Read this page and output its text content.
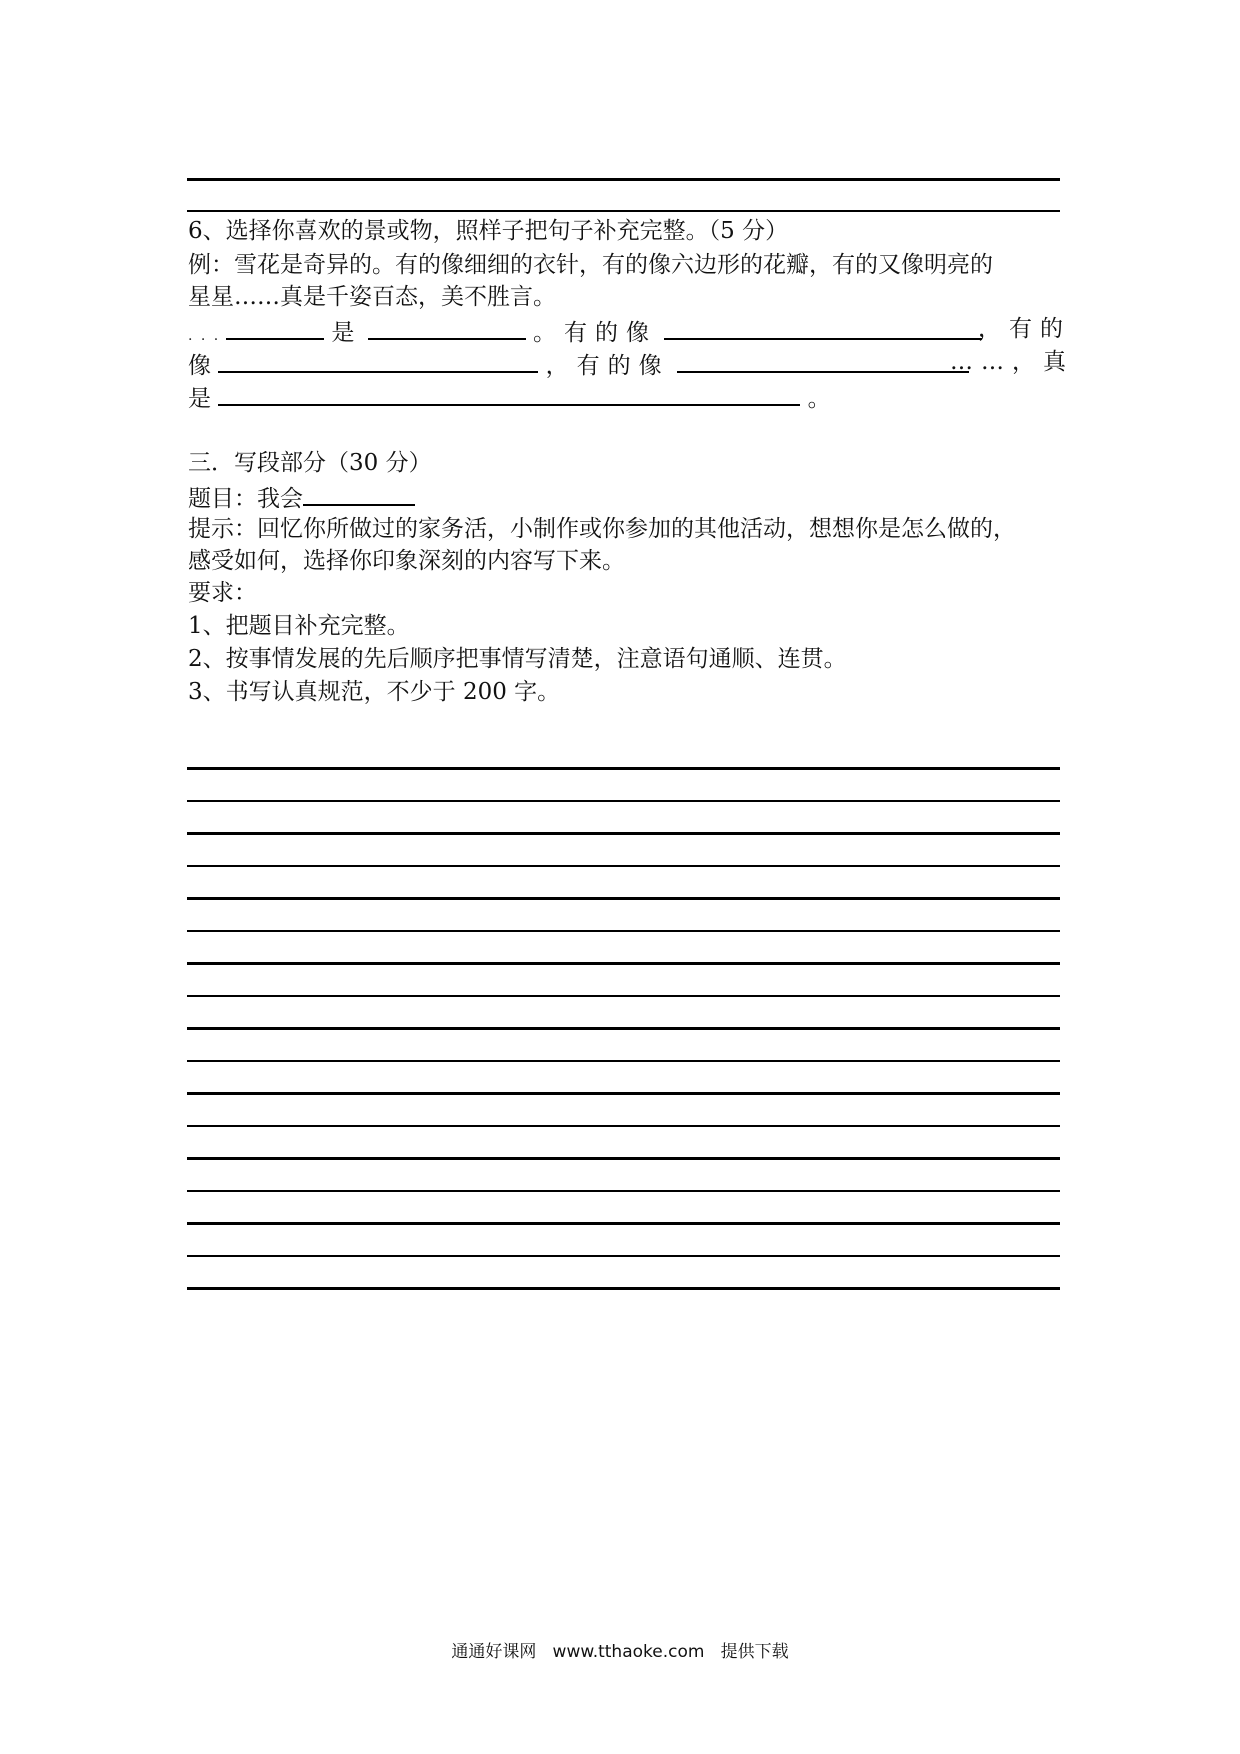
6、选择你喜欢的景或物，照样子把句子补充完整。（5 分）
例：雪花是奇异的。有的像细细的衣针，有的像六边形的花瓣，有的又像明亮的
星星……真是千姿百态，美不胜言。
. . .	是	。有的像	，有的
像	，有的像	……，真
是	。
三．写段部分（30 分）
题目：我会
提示：回忆你所做过的家务活，小制作或你参加的其他活动，想想你是怎么做的，
感受如何，选择你印象深刻的内容写下来。
要求：
1、把题目补充完整。
2、按事情发展的先后顺序把事情写清楚，注意语句通顺、连贯。
3、书写认真规范，不少于 200 字。
通通好课网 www.tthaoke.com 提供下载
